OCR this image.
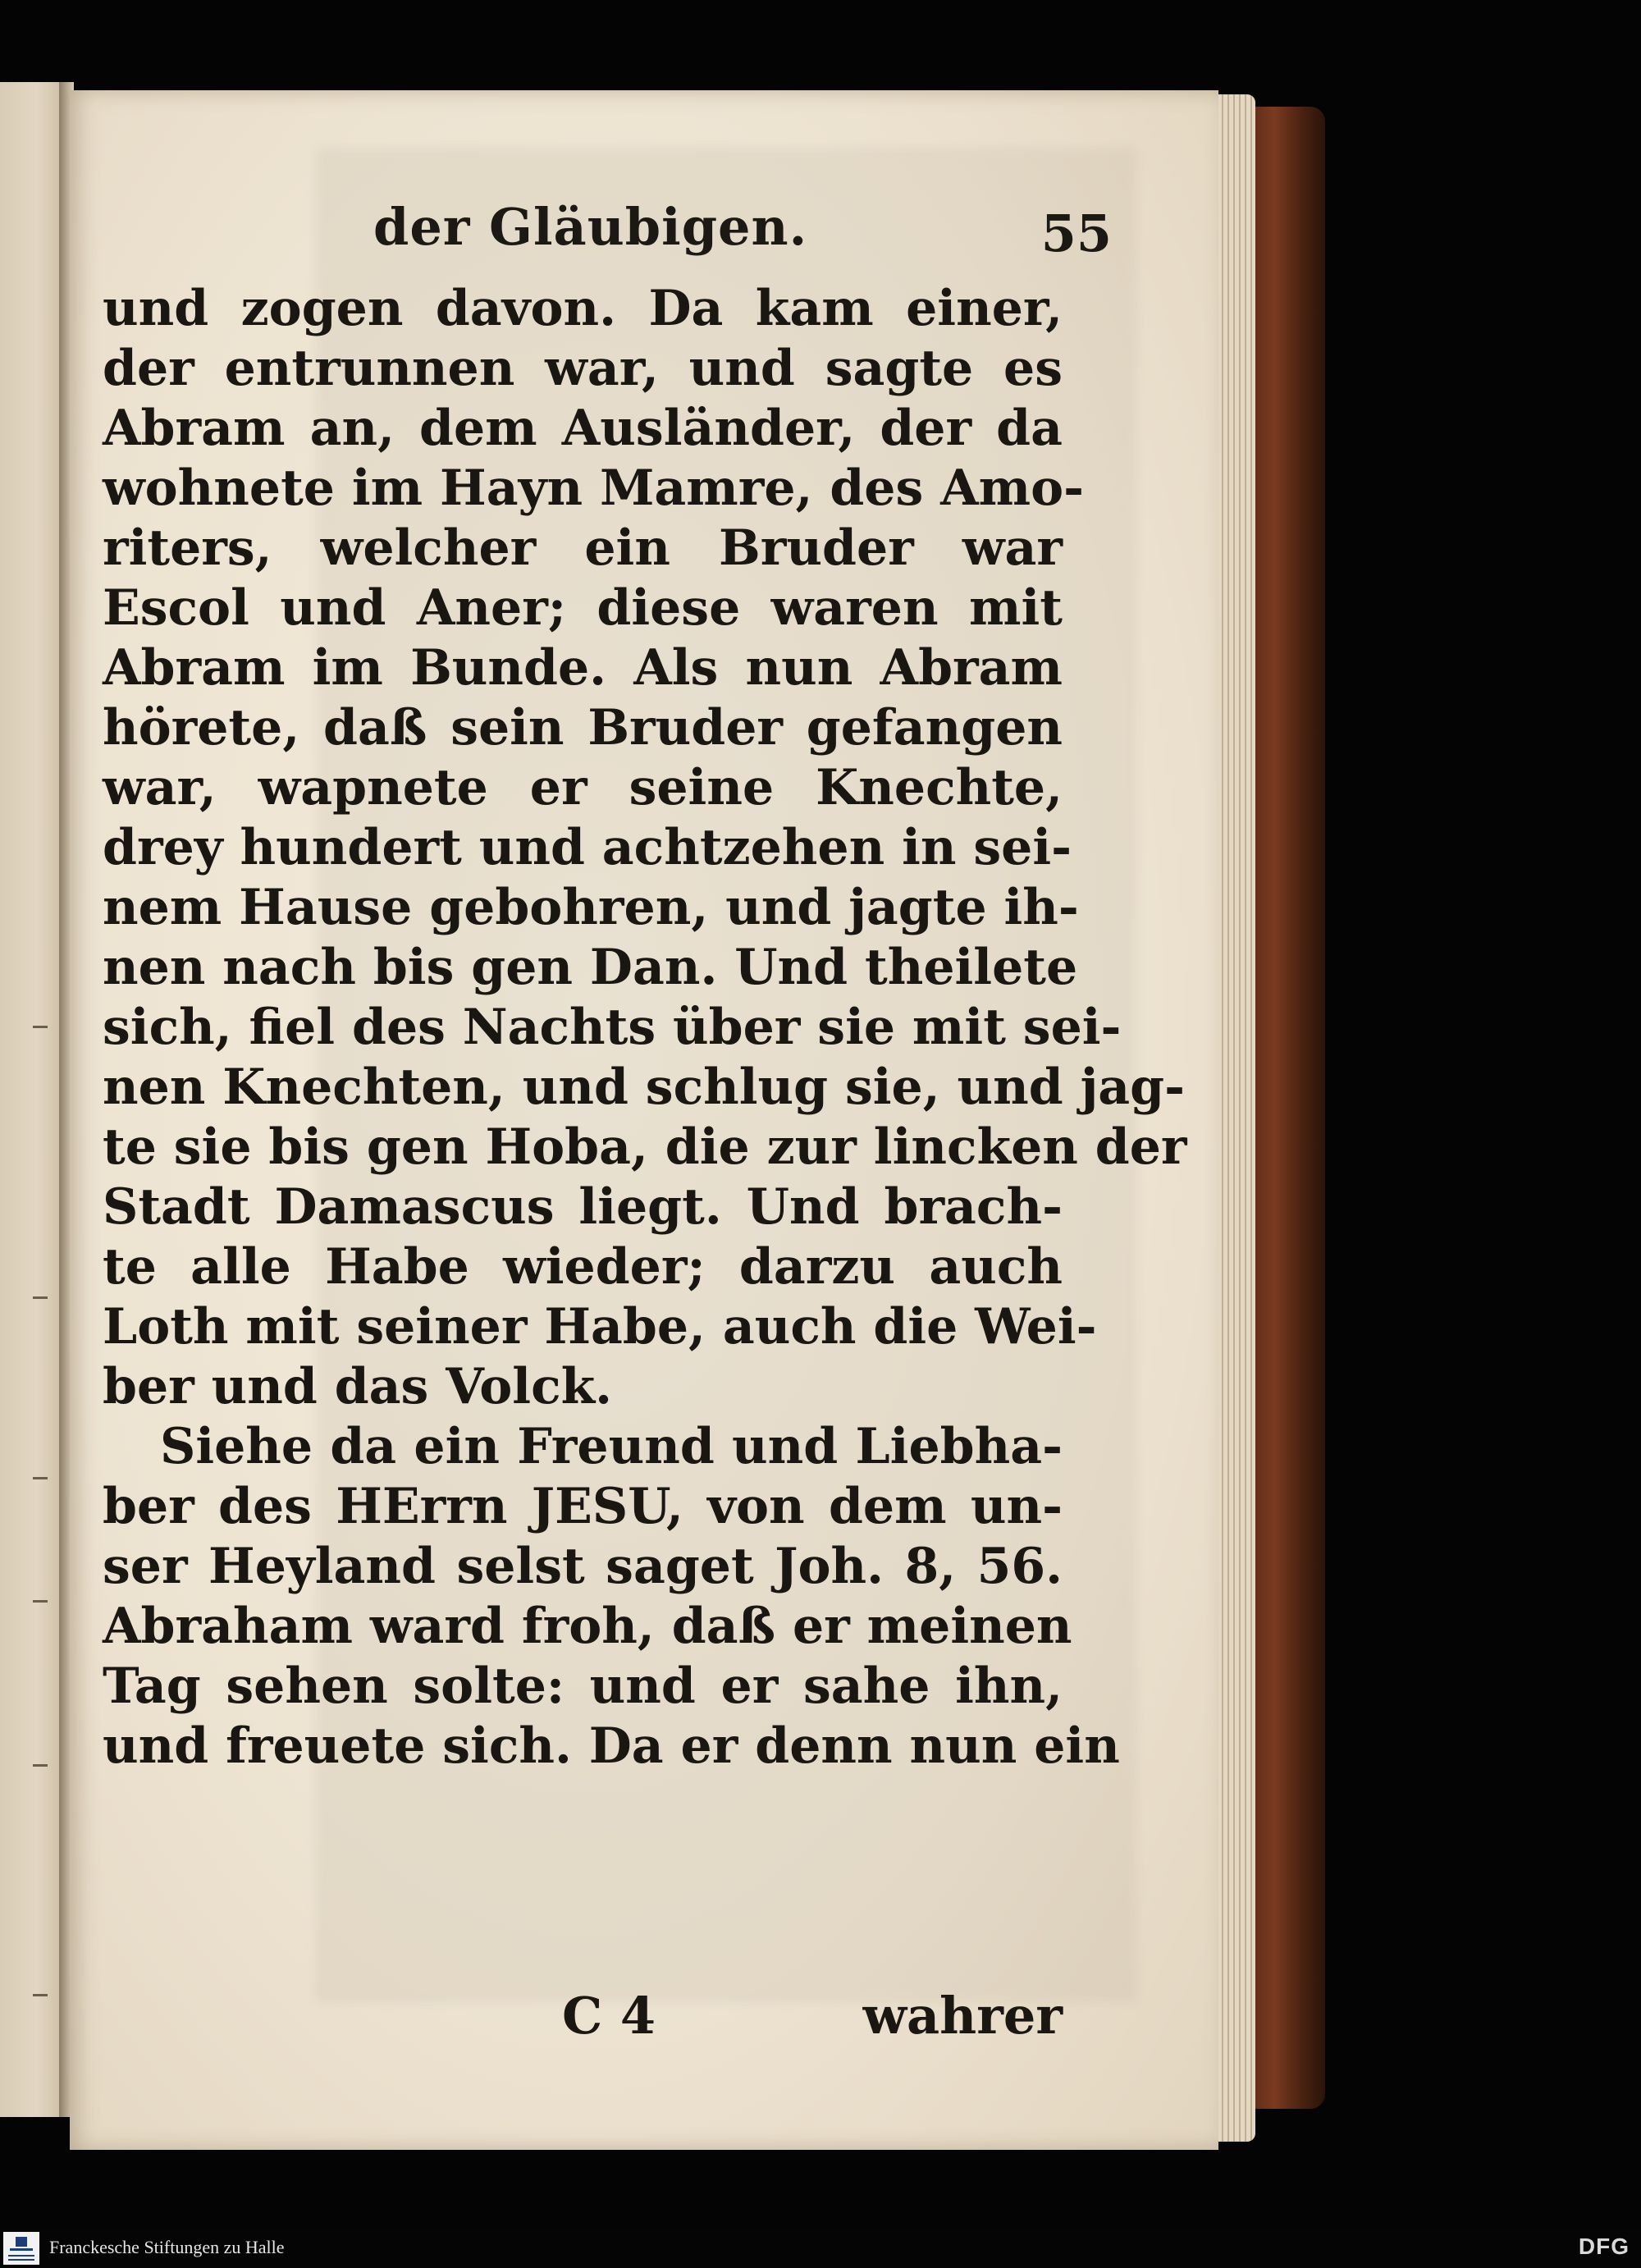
der Gläubigen.	55
und zogen davon. Da kam einer,
der entrunnen war, und sagte es
Abram an, dem Ausländer, der da
wohnete im Hayn Mamre, des Amo-
riters, welcher ein Bruder war
Escol und Aner; diese waren mit
Abram im Bunde. Als nun Abram
hörete, daß sein Bruder gefangen
war, wapnete er seine Knechte,
drey hundert und achtzehen in sei-
nem Hause gebohren, und jagte ih-
nen nach bis gen Dan. Und theilete
sich, fiel des Nachts über sie mit sei-
nen Knechten, und schlug sie, und jag-
te sie bis gen Hoba, die zur lincken der
Stadt Damascus liegt. Und brach-
te alle Habe wieder; darzu auch
Loth mit seiner Habe, auch die Wei-
ber und das Volck.
Siehe da ein Freund und Liebha-
ber des HErrn JESU, von dem un-
ser Heyland selst saget Joh. 8, 56.
Abraham ward froh, daß er meinen
Tag sehen solte: und er sahe ihn,
und freuete sich. Da er denn nun ein
C 4	wahrer
Franckesche Stiftungen zu Halle	DFG
